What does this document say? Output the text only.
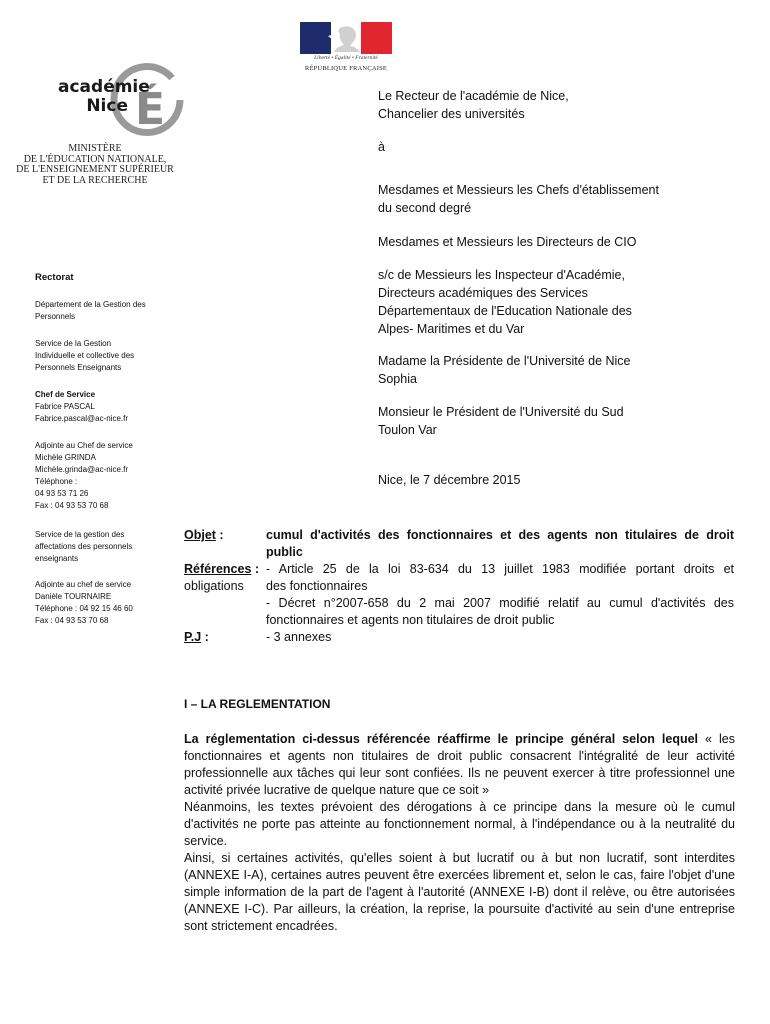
Liberté • Égalité • Fraternité
RÉPUBLIQUE FRANÇAISE
É
académie
Nice
MINISTÈRE
DE L'ÉDUCATION NATIONALE,
DE L'ENSEIGNEMENT SUPÉRIEUR
ET DE LA RECHERCHE
Rectorat
Département de la Gestion des
Personnels
Service de la Gestion
Individuelle et collective des
Personnels Enseignants
Chef de Service
Fabrice PASCAL
Fabrice.pascal@ac-nice.fr
Adjointe au Chef de service
Michèle GRINDA
Michèle.grinda@ac-nice.fr
Téléphone :
04 93 53 71 26
Fax : 04 93 53 70 68
Service de la gestion des
affectations des personnels
enseignants
Adjointe au chef de service
Danièle TOURNAIRE
Téléphone : 04 92 15 46 60
Fax : 04 93 53 70 68
Le Recteur de l'académie de Nice,
Chancelier des universités
à
Mesdames et Messieurs les Chefs d'établissement
du second degré
Mesdames et Messieurs les Directeurs de CIO
s/c de Messieurs les Inspecteur d'Académie,
Directeurs académiques des Services
Départementaux de l'Education Nationale des
Alpes- Maritimes et du Var
Madame la Présidente de l'Université de Nice
Sophia
Monsieur le Président de l'Université du Sud
Toulon Var
Nice, le 7 décembre 2015
Objet :	cumul d'activités des fonctionnaires et des agents non titulaires de droit public
Références :
obligations
- Article 25 de la loi 83-634 du 13 juillet 1983 modifiée portant droits et
des fonctionnaires
- Décret n°2007-658 du 2 mai 2007 modifié relatif au cumul d'activités des fonctionnaires et agents non titulaires de droit public
P.J :	- 3 annexes
I – LA REGLEMENTATION

La réglementation ci-dessus référencée réaffirme le principe général selon lequel « les fonctionnaires et agents non titulaires de droit public consacrent l'intégralité de leur activité professionnelle aux tâches qui leur sont confiées. Ils ne peuvent exercer à titre professionnel une activité privée lucrative de quelque nature que ce soit »

Néanmoins, les textes prévoient des dérogations à ce principe dans la mesure où le cumul d'activités ne porte pas atteinte au fonctionnement normal, à l'indépendance ou à la neutralité du service.

Ainsi, si certaines activités, qu'elles soient à but lucratif ou à but non lucratif, sont interdites (ANNEXE I-A), certaines autres peuvent être exercées librement et, selon le cas, faire l'objet d'une simple information de la part de l'agent à l'autorité (ANNEXE I-B) dont il relève, ou être autorisées (ANNEXE I-C). Par ailleurs, la création, la reprise, la poursuite d'activité au sein d'une entreprise sont strictement encadrées.
